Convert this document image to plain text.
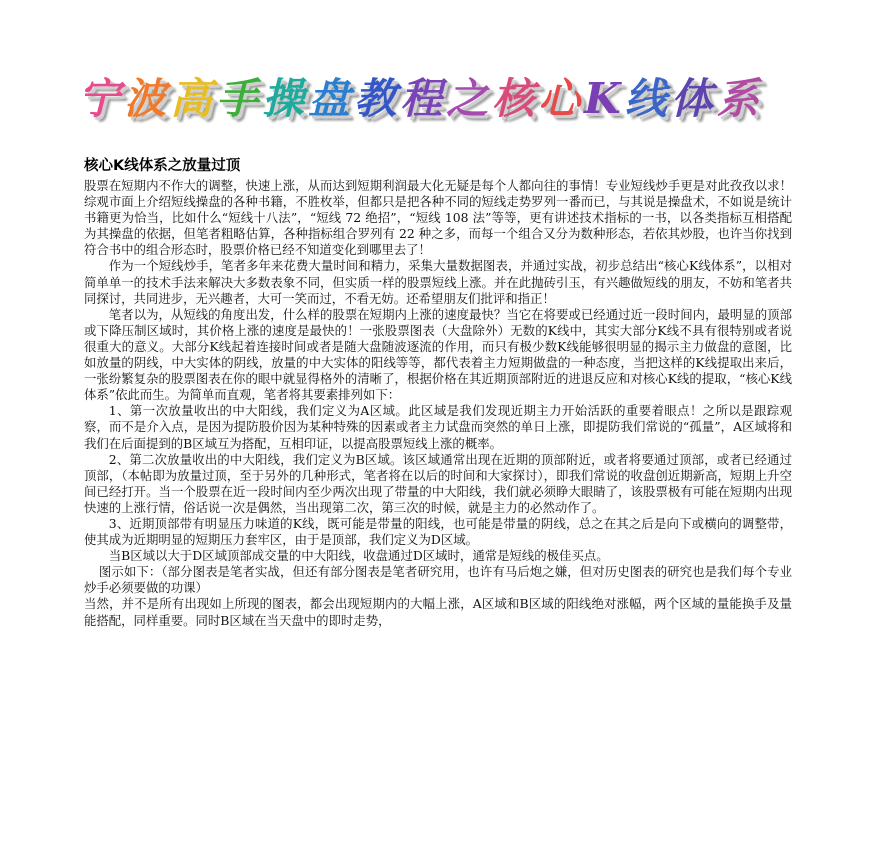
宁波高手操盘教程之核心K线体系
核心K线体系之放量过顶

股票在短期内不作大的调整，快速上涨，从而达到短期利润最大化无疑是每个人都向往的事情！专业短线炒手更是对此孜孜以求！综观市面上介绍短线操盘的各种书籍，不胜枚举，但都只是把各种不同的短线走势罗列一番而已，与其说是操盘术，不如说是统计书籍更为恰当，比如什么“短线十八法”，“短线 72 绝招”，“短线 108 法”等等，更有讲述技术指标的一书，以各类指标互相搭配为其操盘的依据，但笔者粗略估算，各种指标组合罗列有 22 种之多，而每一个组合又分为数种形态，若依其炒股，也许当你找到符合书中的组合形态时，股票价格已经不知道变化到哪里去了！

作为一个短线炒手，笔者多年来花费大量时间和精力，采集大量数据图表，并通过实战，初步总结出“核心K线体系”，以相对简单单一的技术手法来解决大多数表象不同，但实质一样的股票短线上涨。并在此抛砖引玉，有兴趣做短线的朋友，不妨和笔者共同探讨，共同进步，无兴趣者，大可一笑而过，不看无妨。还希望朋友们批评和指正！

笔者以为，从短线的角度出发，什么样的股票在短期内上涨的速度最快？当它在将要或已经通过近一段时间内，最明显的顶部或下降压制区域时，其价格上涨的速度是最快的！一张股票图表（大盘除外）无数的K线中，其实大部分K线不具有很特别或者说很重大的意义。大部分K线起着连接时间或者是随大盘随波逐流的作用，而只有极少数K线能够很明显的揭示主力做盘的意图，比如放量的阴线，中大实体的阴线，放量的中大实体的阳线等等，都代表着主力短期做盘的一种态度，当把这样的K线提取出来后，一张纷繁复杂的股票图表在你的眼中就显得格外的清晰了，根据价格在其近期顶部附近的进退反应和对核心K线的提取，“核心K线体系”依此而生。为简单而直观，笔者将其要素排列如下：

1、第一次放量收出的中大阳线，我们定义为A区域。此区域是我们发现近期主力开始活跃的重要着眼点！之所以是跟踪观察，而不是介入点，是因为提防股价因为某种特殊的因素或者主力试盘而突然的单日上涨，即提防我们常说的“孤量”，A区域将和我们在后面提到的B区域互为搭配，互相印证，以提高股票短线上涨的概率。

2、第二次放量收出的中大阳线，我们定义为B区域。该区域通常出现在近期的顶部附近，或者将要通过顶部，或者已经通过顶部，（本帖即为放量过顶，至于另外的几种形式，笔者将在以后的时间和大家探讨），即我们常说的收盘创近期新高，短期上升空间已经打开。当一个股票在近一段时间内至少两次出现了带量的中大阳线，我们就必须睁大眼睛了，该股票极有可能在短期内出现快速的上涨行情，俗话说一次是偶然，当出现第二次，第三次的时候，就是主力的必然动作了。

3、近期顶部带有明显压力味道的K线，既可能是带量的阳线，也可能是带量的阴线，总之在其之后是向下或横向的调整带，使其成为近期明显的短期压力套牢区，由于是顶部，我们定义为D区域。

当B区域以大于D区域顶部成交量的中大阳线，收盘通过D区域时，通常是短线的极佳买点。

图示如下：（部分图表是笔者实战，但还有部分图表是笔者研究用，也许有马后炮之嫌，但对历史图表的研究也是我们每个专业炒手必须要做的功课）

当然，并不是所有出现如上所现的图表，都会出现短期内的大幅上涨，A区域和B区域的阳线绝对涨幅，两个区域的量能换手及量能搭配，同样重要。同时B区域在当天盘中的即时走势，
